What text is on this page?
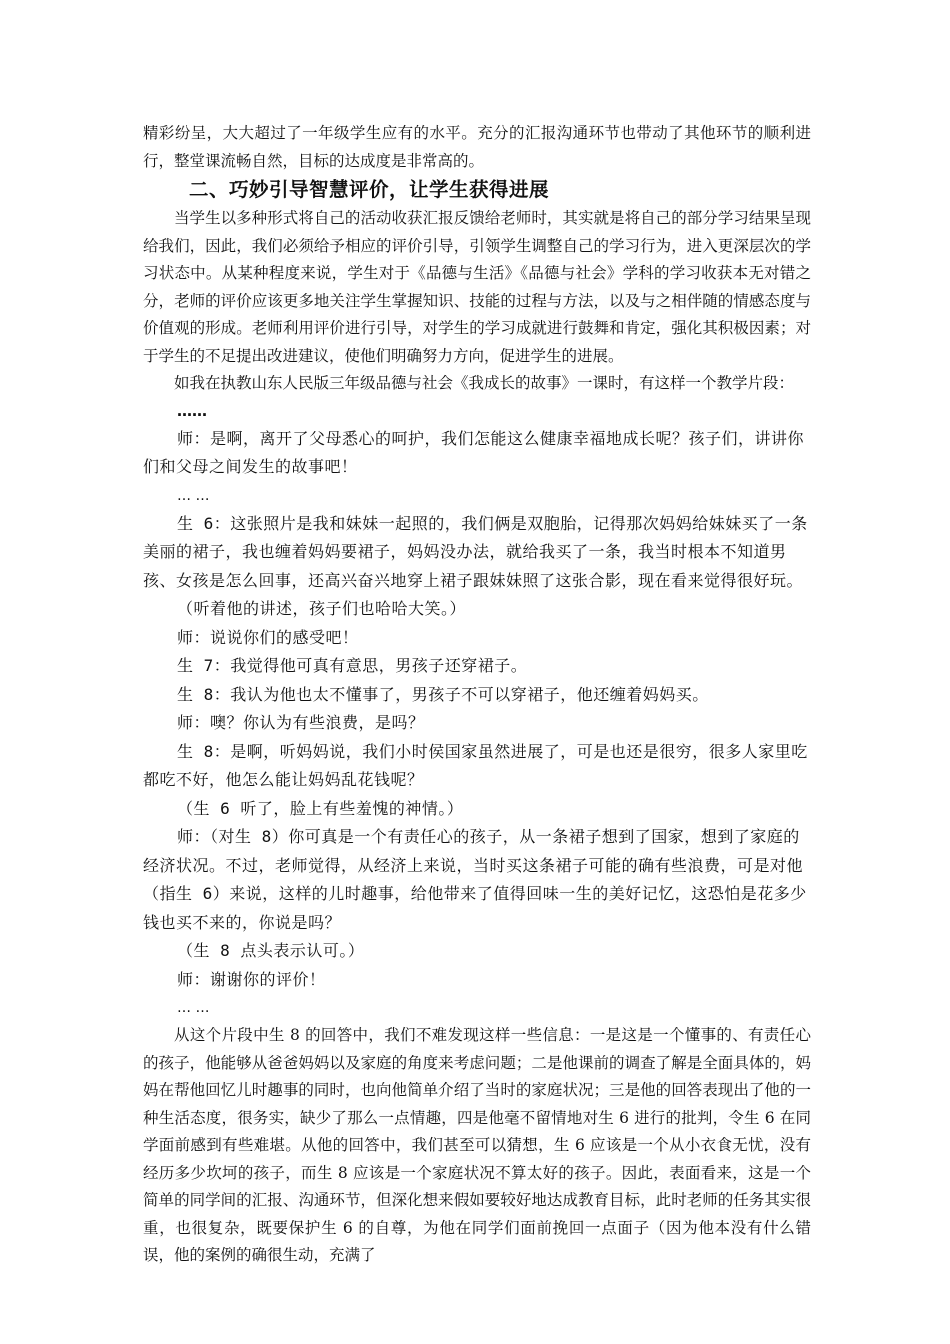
精彩纷呈，大大超过了一年级学生应有的水平。充分的汇报沟通环节也带动了其他环节的顺利进行，整堂课流畅自然，目标的达成度是非常高的。

二、巧妙引导智慧评价，让学生获得进展

当学生以多种形式将自己的活动收获汇报反馈给老师时，其实就是将自己的部分学习结果呈现给我们，因此，我们必须给予相应的评价引导，引领学生调整自己的学习行为，进入更深层次的学习状态中。从某种程度来说，学生对于《品德与生活》《品德与社会》学科的学习收获本无对错之分，老师的评价应该更多地关注学生掌握知识、技能的过程与方法，以及与之相伴随的情感态度与价值观的形成。老师利用评价进行引导，对学生的学习成就进行鼓舞和肯定，强化其积极因素；对于学生的不足提出改进建议，使他们明确努力方向，促进学生的进展。

如我在执教山东人民版三年级品德与社会《我成长的故事》一课时，有这样一个教学片段：

……

师：是啊，离开了父母悉心的呵护，我们怎能这么健康幸福地成长呢？孩子们，讲讲你们和父母之间发生的故事吧！

… …

生 6：这张照片是我和妹妹一起照的，我们俩是双胞胎，记得那次妈妈给妹妹买了一条美丽的裙子，我也缠着妈妈要裙子，妈妈没办法，就给我买了一条，我当时根本不知道男孩、女孩是怎么回事，还高兴奋兴地穿上裙子跟妹妹照了这张合影，现在看来觉得很好玩。

（听着他的讲述，孩子们也哈哈大笑。）

师：说说你们的感受吧！

生 7：我觉得他可真有意思，男孩子还穿裙子。

生 8：我认为他也太不懂事了，男孩子不可以穿裙子，他还缠着妈妈买。

师：噢？你认为有些浪费，是吗？

生 8：是啊，听妈妈说，我们小时侯国家虽然进展了，可是也还是很穷，很多人家里吃都吃不好，他怎么能让妈妈乱花钱呢？

（生 6 听了，脸上有些羞愧的神情。）

师：（对生 8）你可真是一个有责任心的孩子，从一条裙子想到了国家，想到了家庭的经济状况。不过，老师觉得，从经济上来说，当时买这条裙子可能的确有些浪费，可是对他（指生 6）来说，这样的儿时趣事，给他带来了值得回味一生的美好记忆，这恐怕是花多少钱也买不来的，你说是吗？

（生 8 点头表示认可。）

师：谢谢你的评价！

… …

从这个片段中生 8 的回答中，我们不难发现这样一些信息：一是这是一个懂事的、有责任心的孩子，他能够从爸爸妈妈以及家庭的角度来考虑问题；二是他课前的调查了解是全面具体的，妈妈在帮他回忆儿时趣事的同时，也向他简单介绍了当时的家庭状况；三是他的回答表现出了他的一种生活态度，很务实，缺少了那么一点情趣，四是他毫不留情地对生 6 进行的批判，令生 6 在同学面前感到有些难堪。从他的回答中，我们甚至可以猜想，生 6 应该是一个从小衣食无忧，没有经历多少坎坷的孩子，而生 8 应该是一个家庭状况不算太好的孩子。因此，表面看来，这是一个简单的同学间的汇报、沟通环节，但深化想来假如要较好地达成教育目标，此时老师的任务其实很重，也很复杂，既要保护生 6 的自尊，为他在同学们面前挽回一点面子（因为他本没有什么错误，他的案例的确很生动，充满了
